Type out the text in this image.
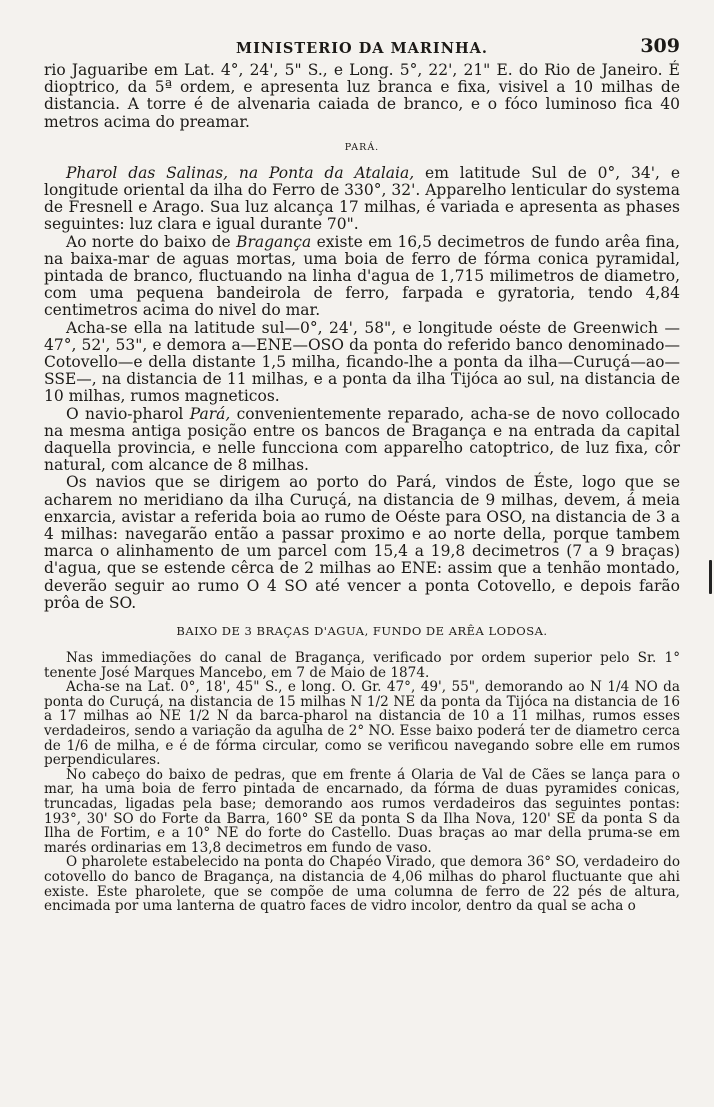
MINISTERIO DA MARINHA.	309

rio Jaguaribe em Lat. 4°, 24', 5" S., e Long. 5°, 22', 21" E. do Rio de Janeiro. É dioptrico, da 5ª ordem, e apresenta luz branca e fixa, visivel a 10 milhas de distancia. A torre é de alvenaria caiada de branco, e o fóco luminoso fica 40 metros acima do preamar.

PARÁ.

Pharol das Salinas, na Ponta da Atalaia, em latitude Sul de 0°, 34', e longitude oriental da ilha do Ferro de 330°, 32'. Apparelho lenticular do systema de Fresnell e Arago. Sua luz alcança 17 milhas, é variada e apresenta as phases seguintes: luz clara e igual durante 70".

Ao norte do baixo de Bragança existe em 16,5 decimetros de fundo arêa fina, na baixa-mar de aguas mortas, uma boia de ferro de fórma conica pyramidal, pintada de branco, fluctuando na linha d'agua de 1,715 milimetros de diametro, com uma pequena bandeirola de ferro, farpada e gyratoria, tendo 4,84 centimetros acima do nivel do mar.

Acha-se ella na latitude sul—0°, 24', 58", e longitude oéste de Greenwich —47°, 52', 53", e demora a—ENE—OSO da ponta do referido banco denominado—Cotovello—e della distante 1,5 milha, ficando-lhe a ponta da ilha—Curuçá—ao—SSE—, na distancia de 11 milhas, e a ponta da ilha Tijóca ao sul, na distancia de 10 milhas, rumos magneticos.

O navio-pharol Pará, convenientemente reparado, acha-se de novo collocado na mesma antiga posição entre os bancos de Bragança e na entrada da capital daquella provincia, e nelle funcciona com apparelho catoptrico, de luz fixa, côr natural, com alcance de 8 milhas.

Os navios que se dirigem ao porto do Pará, vindos de Éste, logo que se acharem no meridiano da ilha Curuçá, na distancia de 9 milhas, devem, á meia enxarcia, avistar a referida boia ao rumo de Oéste para OSO, na distancia de 3 a 4 milhas: navegarão então a passar proximo e ao norte della, porque tambem marca o alinhamento de um parcel com 15,4 a 19,8 decimetros (7 a 9 braças) d'agua, que se estende cêrca de 2 milhas ao ENE: assim que a tenhão montado, deverão seguir ao rumo O 4 SO até vencer a ponta Cotovello, e depois farão prôa de SO.

BAIXO DE 3 BRAÇAS D'AGUA, FUNDO DE ARÊA LODOSA.

Nas immediações do canal de Bragança, verificado por ordem superior pelo Sr. 1° tenente José Marques Mancebo, em 7 de Maio de 1874.

Acha-se na Lat. 0°, 18', 45" S., e long. O. Gr. 47°, 49', 55", demorando ao N 1/4 NO da ponta do Curuçá, na distancia de 15 milhas N 1/2 NE da ponta da Tijóca na distancia de 16 a 17 milhas ao NE 1/2 N da barca-pharol na distancia de 10 a 11 milhas, rumos esses verdadeiros, sendo a variação da agulha de 2° NO. Esse baixo poderá ter de diametro cerca de 1/6 de milha, e é de fórma circular, como se verificou navegando sobre elle em rumos perpendiculares.

No cabeço do baixo de pedras, que em frente á Olaria de Val de Cães se lança para o mar, ha uma boia de ferro pintada de encarnado, da fórma de duas pyramides conicas, truncadas, ligadas pela base; demorando aos rumos verdadeiros das seguintes pontas: 193°, 30' SO do Forte da Barra, 160° SE da ponta S da Ilha Nova, 120' SE da ponta S da Ilha de Fortim, e a 10° NE do forte do Castello. Duas braças ao mar della pruma-se em marés ordinarias em 13,8 decimetros em fundo de vaso.

O pharolete estabelecido na ponta do Chapéo Virado, que demora 36° SO, verdadeiro do cotovello do banco de Bragança, na distancia de 4,06 milhas do pharol fluctuante que ahi existe. Este pharolete, que se compõe de uma columna de ferro de 22 pés de altura, encimada por uma lanterna de quatro faces de vidro incolor, dentro da qual se acha o
